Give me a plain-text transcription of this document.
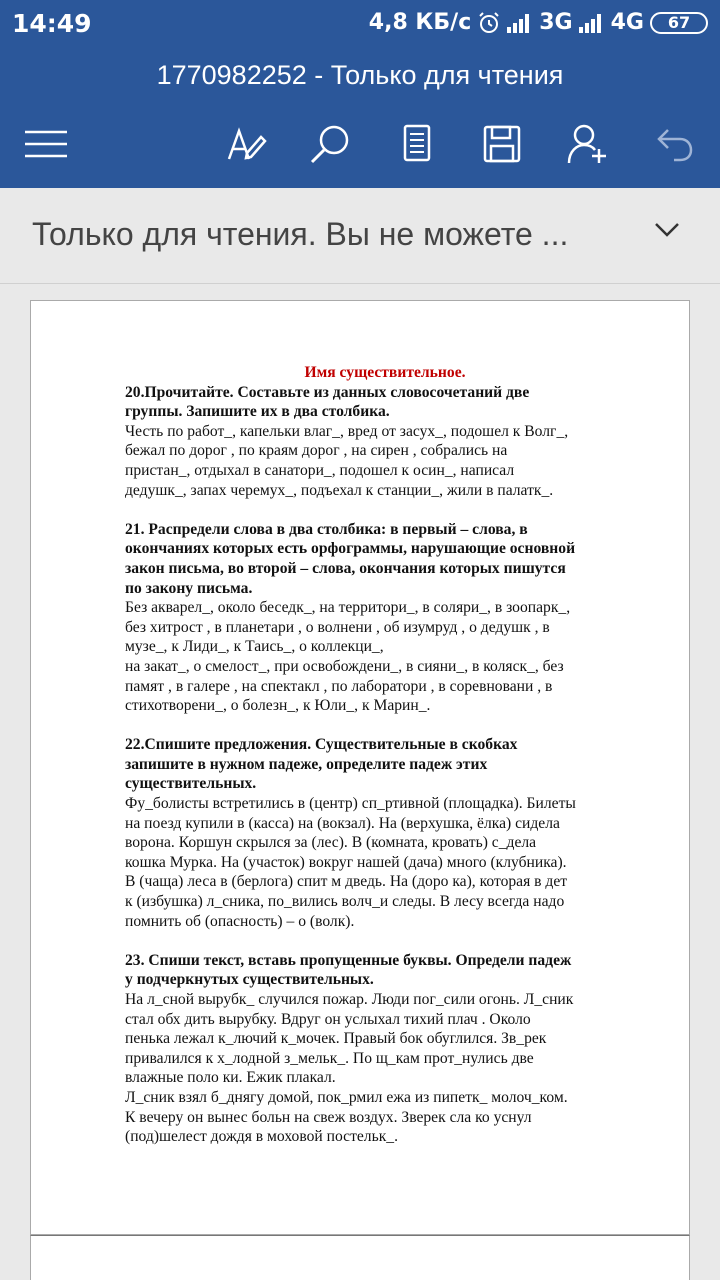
14:49	4,8 КБ/с	3G 4G	67
1770982252 - Только для чтения
Только для чтения. Вы не можете ...
Имя существительное.
20.Прочитайте. Составьте из данных словосочетаний две
группы. Запишите их в два столбика.
Честь по работ_, капельки влаг_, вред от засух_, подошел к Волг_,
бежал по дорог , по краям дорог , на сирен , собрались на
пристан_, отдыхал в санатори_, подошел к осин_, написал
дедушк_, запах черемух_, подъехал к станции_, жили в палатк_.
21. Распредели слова в два столбика: в первый – слова, в
окончаниях которых есть орфограммы, нарушающие основной
закон письма, во второй – слова, окончания которых пишутся
по закону письма.
Без акварел_, около беседк_, на территори_, в соляри_, в зоопарк_,
без хитрост , в планетари , о волнени , об изумруд , о дедушк , в
музе_, к Лиди_, к Таись_, о коллекци_,
на закат_, о смелост_, при освобождени_, в сияни_, в коляск_, без
памят , в галере , на спектакл , по лаборатори , в соревновани , в
стихотворени_, о болезн_, к Юли_, к Марин_.
22.Спишите предложения. Существительные в скобках
запишите в нужном падеже, определите падеж этих
существительных.
Фу_болисты встретились в (центр) сп_ртивной (площадка). Билеты
на поезд купили в (касса) на (вокзал). На (верхушка, ёлка) сидела
ворона. Коршун скрылся за (лес). В (комната, кровать) с_дела
кошка Мурка. На (участок) вокруг нашей (дача) много (клубника).
В (чаща) леса в (берлога) спит м дведь. На (доро ка), которая в дет
к (избушка) л_сника, по_вились волч_и следы. В лесу всегда надо
помнить об (опасность) – о (волк).
23. Спиши текст, вставь пропущенные буквы. Определи падеж
у подчеркнутых существительных.
На л_сной вырубк_ случился пожар. Люди пог_сили огонь. Л_сник
стал обх дить вырубку. Вдруг он услыхал тихий плач . Около
пенька лежал к_лючий к_мочек. Правый бок обуглился. Зв_рек
привалился к х_лодной з_мельк_. По щ_кам прот_нулись две
влажные поло ки. Ежик плакал.
Л_сник взял б_днягу домой, пок_рмил ежа из пипетк_ молоч_ком.
К вечеру он вынес больн на свеж воздух. Зверек сла ко уснул
(под)шелест дождя в моховой постельк_.
